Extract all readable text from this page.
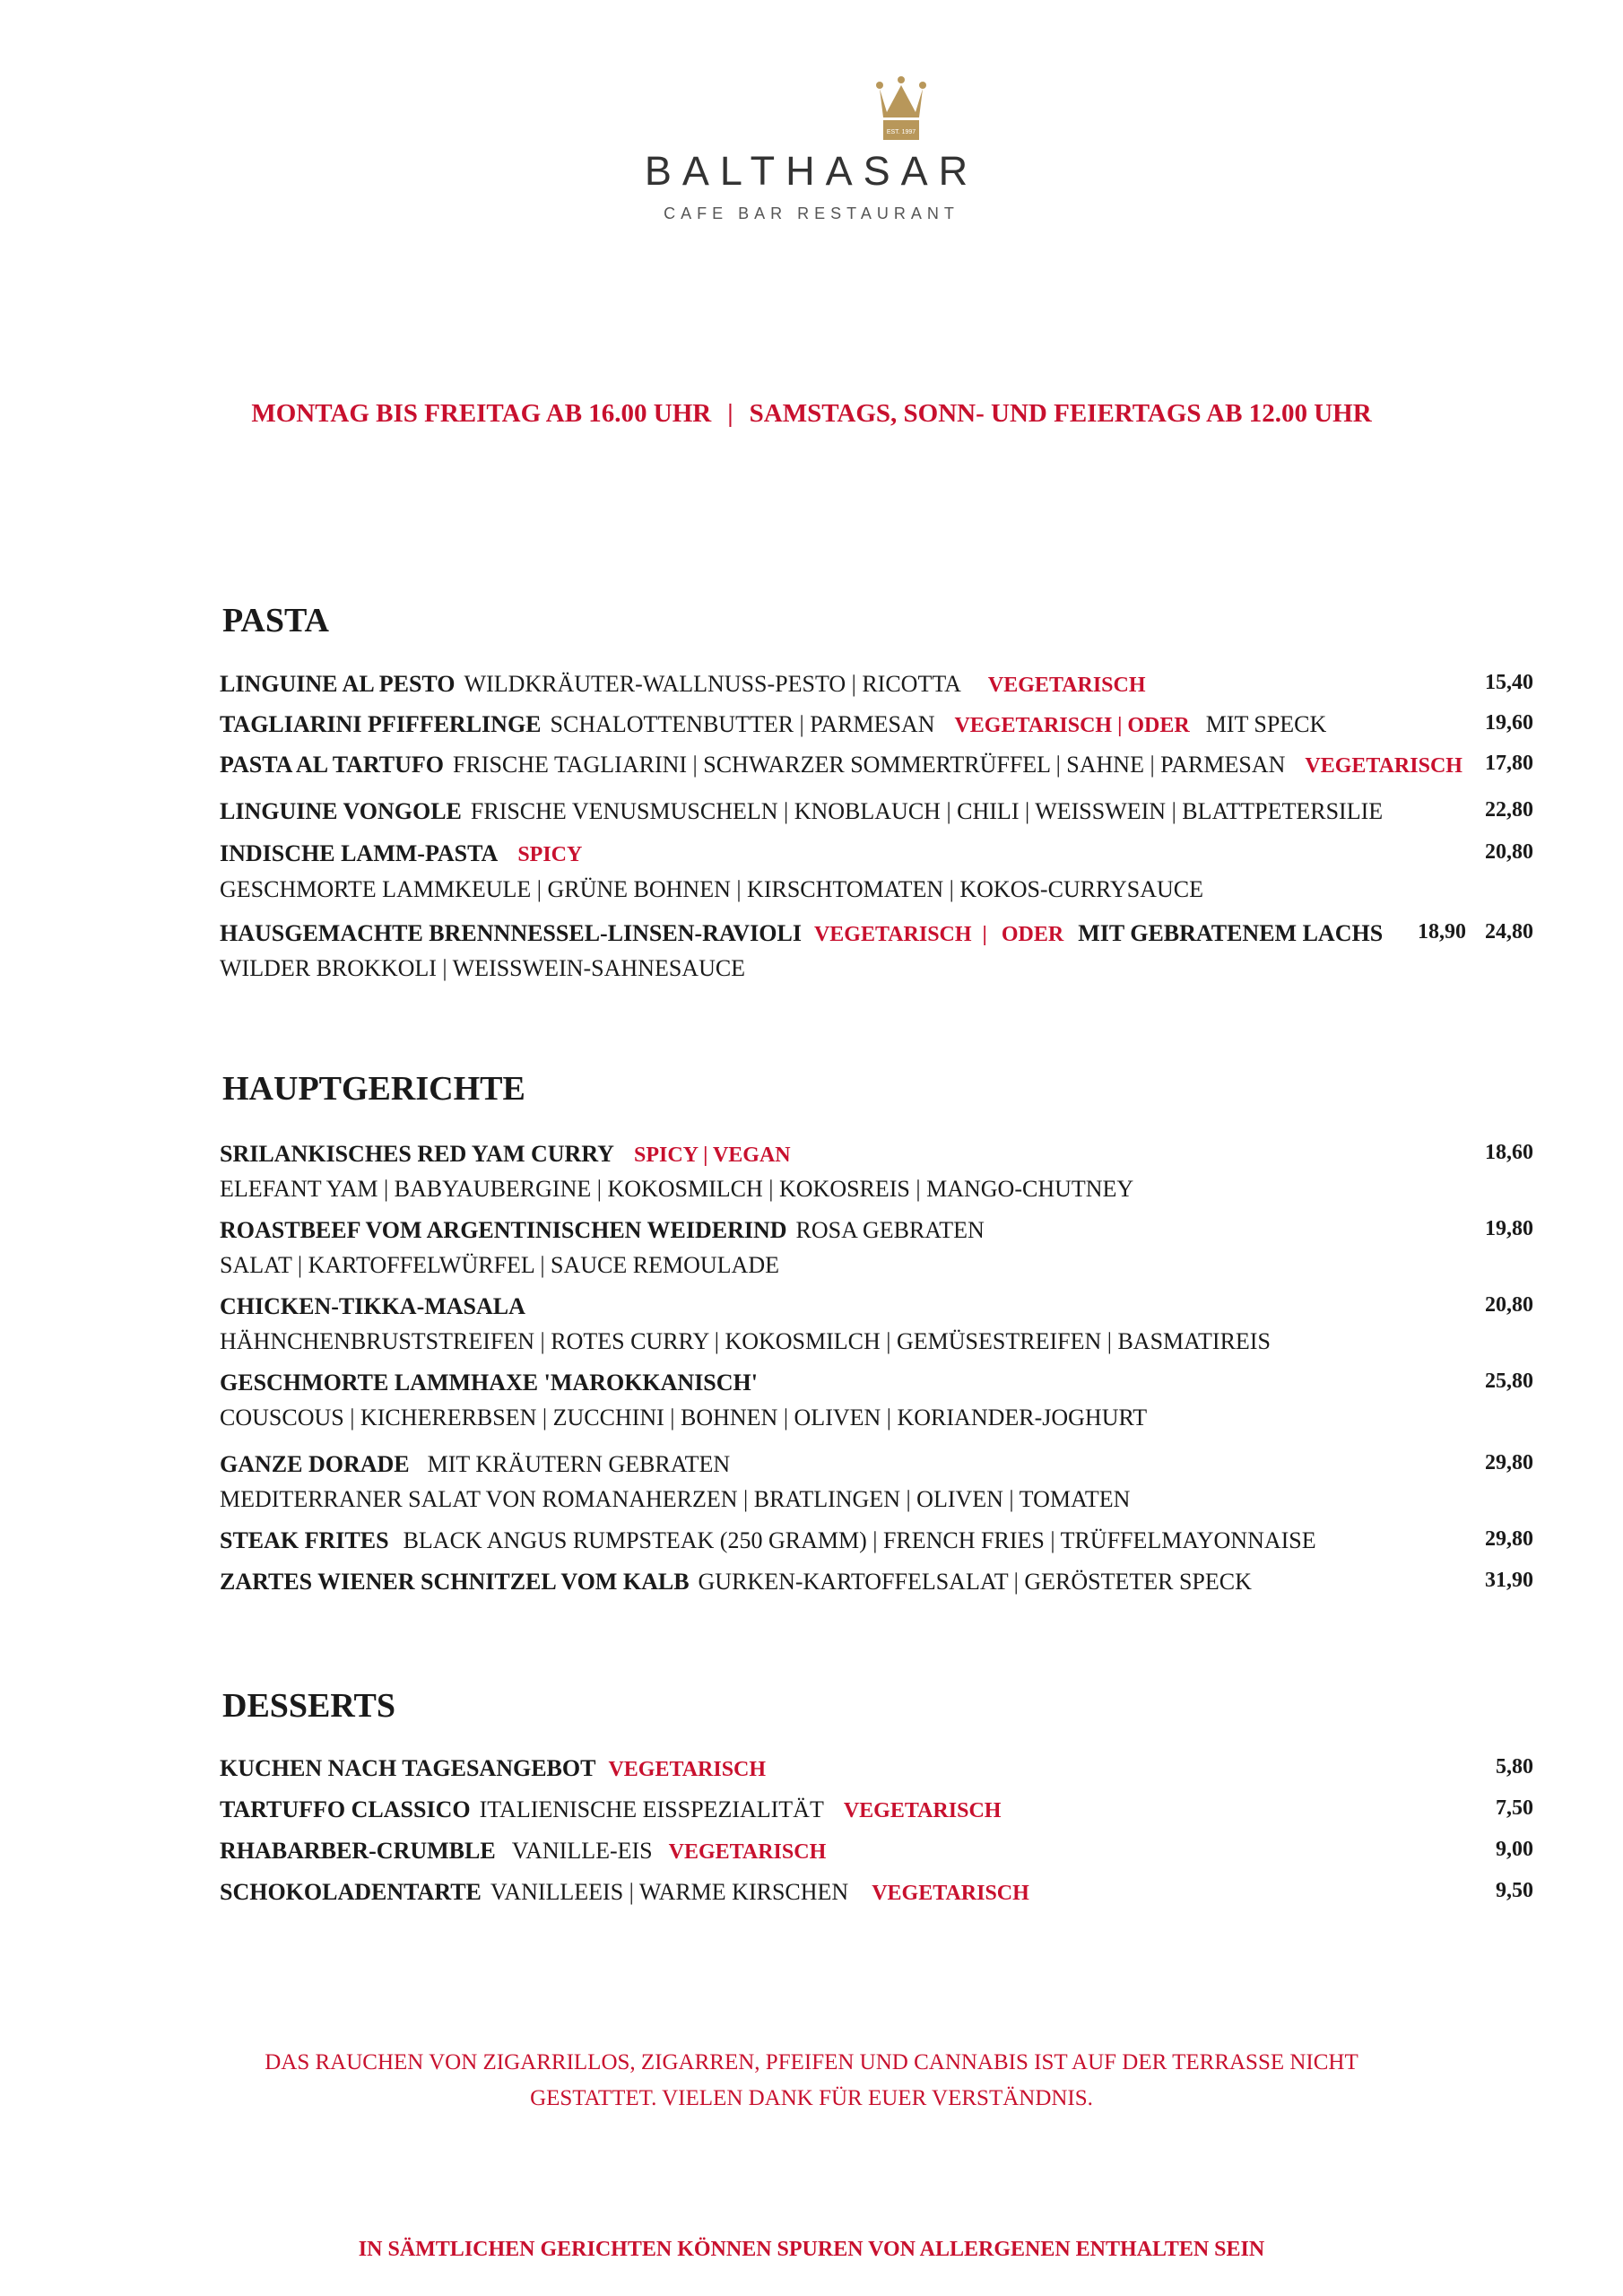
EST. 1997
BALTHASAR
CAFE BAR RESTAURANT
MONTAG BIS FREITAG AB 16.00 UHR | SAMSTAGS, SONN- UND FEIERTAGS AB 12.00 UHR
PASTA
LINGUINE AL PESTO WILDKRÄUTER-WALLNUSS-PESTO | RICOTTA VEGETARISCH	15,40
TAGLIARINI PFIFFERLINGE SCHALOTTENBUTTER | PARMESAN VEGETARISCH | ODER MIT SPECK	19,60
PASTA AL TARTUFO FRISCHE TAGLIARINI | SCHWARZER SOMMERTRÜFFEL | SAHNE | PARMESAN VEGETARISCH 17,80
LINGUINE VONGOLE FRISCHE VENUSMUSCHELN | KNOBLAUCH | CHILI | WEISSWEIN | BLATTPETERSILIE	22,80
INDISCHE LAMM-PASTA SPICY	20,80
GESCHMORTE LAMMKEULE | GRÜNE BOHNEN | KIRSCHTOMATEN | KOKOS-CURRYSAUCE
HAUSGEMACHTE BRENNNESSEL-LINSEN-RAVIOLI VEGETARISCH | ODER MIT GEBRATENEM LACHS 18,90 24,80
WILDER BROKKOLI | WEISSWEIN-SAHNESAUCE
HAUPTGERICHTE
SRILANKISCHES RED YAM CURRY SPICY | VEGAN	18,60
ELEFANT YAM | BABYAUBERGINE | KOKOSMILCH | KOKOSREIS | MANGO-CHUTNEY
ROASTBEEF VOM ARGENTINISCHEN WEIDERIND ROSA GEBRATEN	19,80
SALAT | KARTOFFELWÜRFEL | SAUCE REMOULADE
CHICKEN-TIKKA-MASALA	20,80
HÄHNCHENBRUSTSTREIFEN | ROTES CURRY | KOKOSMILCH | GEMÜSESTREIFEN | BASMATIREIS
GESCHMORTE LAMMHAXE 'MAROKKANISCH'	25,80
COUSCOUS | KICHERERBSEN | ZUCCHINI | BOHNEN | OLIVEN | KORIANDER-JOGHURT
GANZE DORADE MIT KRÄUTERN GEBRATEN	29,80
MEDITERRANER SALAT VON ROMANAHERZEN | BRATLINGEN | OLIVEN | TOMATEN
STEAK FRITES BLACK ANGUS RUMPSTEAK (250 GRAMM) | FRENCH FRIES | TRÜFFELMAYONNAISE	29,80
ZARTES WIENER SCHNITZEL VOM KALB GURKEN-KARTOFFELSALAT | GERÖSTETER SPECK	31,90
DESSERTS
KUCHEN NACH TAGESANGEBOT VEGETARISCH	5,80
TARTUFFO CLASSICO ITALIENISCHE EISSPEZIALITÄT VEGETARISCH	7,50
RHABARBER-CRUMBLE VANILLE-EIS VEGETARISCH	9,00
SCHOKOLADENTARTE VANILLEEIS | WARME KIRSCHEN VEGETARISCH	9,50
DAS RAUCHEN VON ZIGARRILLOS, ZIGARREN, PFEIFEN UND CANNABIS IST AUF DER TERRASSE NICHT
GESTATTET. VIELEN DANK FÜR EUER VERSTÄNDNIS.
IN SÄMTLICHEN GERICHTEN KÖNNEN SPUREN VON ALLERGENEN ENTHALTEN SEIN
